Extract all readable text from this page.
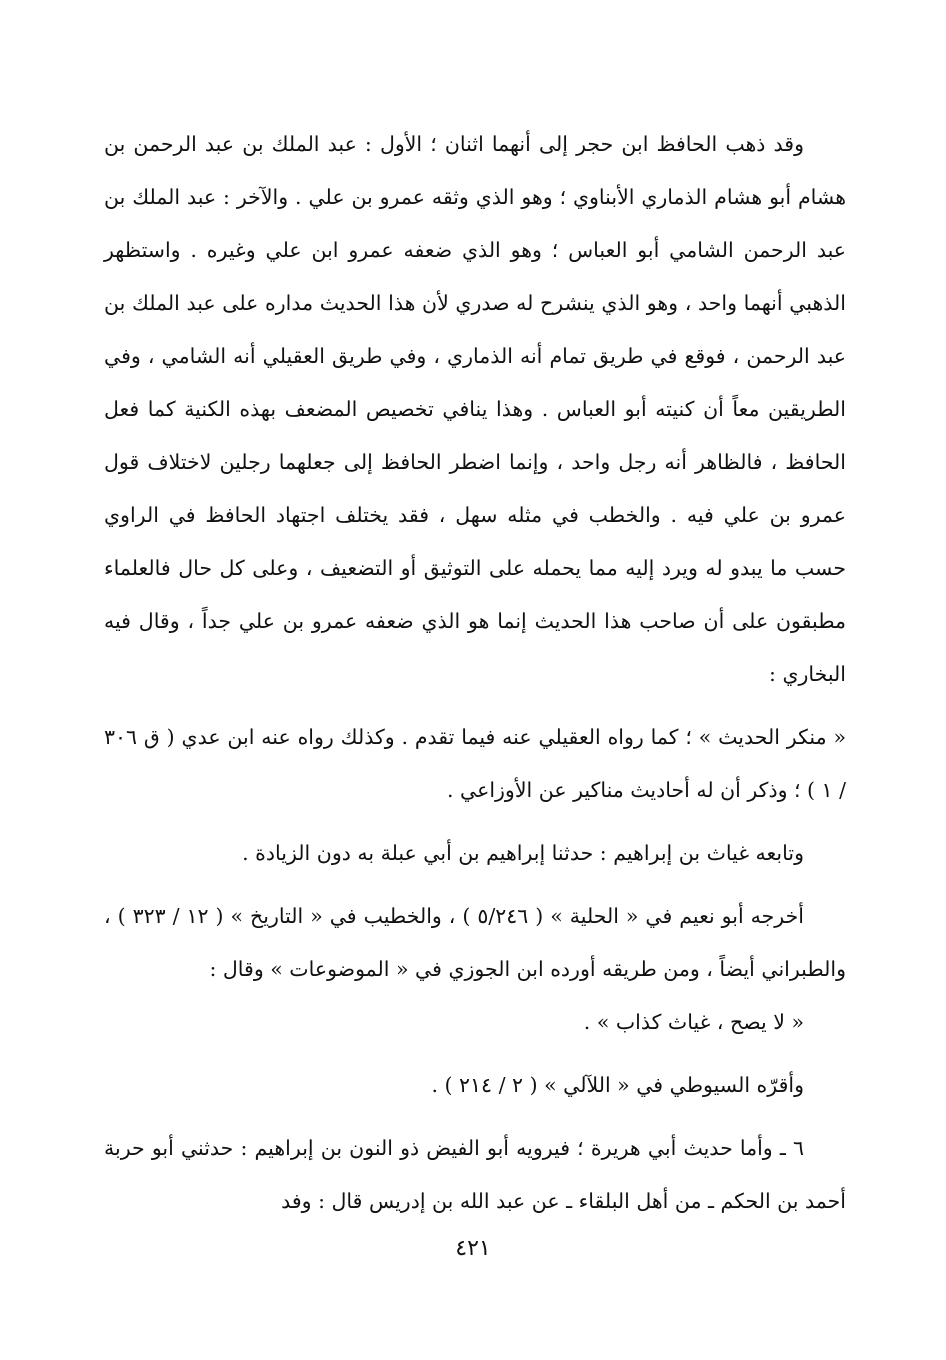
وقد ذهب الحافظ ابن حجر إلى أنهما اثنان ؛ الأول : عبد الملك بن عبد الرحمن بن هشام أبو هشام الذماري الأبناوي ؛ وهو الذي وثقه عمرو بن علي . والآخر : عبد الملك بن عبد الرحمن الشامي أبو العباس ؛ وهو الذي ضعفه عمرو ابن علي وغيره . واستظهر الذهبي أنهما واحد ، وهو الذي ينشرح له صدري لأن هذا الحديث مداره على عبد الملك بن عبد الرحمن ، فوقع في طريق تمام أنه الذماري ، وفي طريق العقيلي أنه الشامي ، وفي الطريقين معاً أن كنيته أبو العباس . وهذا ينافي تخصيص المضعف بهذه الكنية كما فعل الحافظ ، فالظاهر أنه رجل واحد ، وإنما اضطر الحافظ إلى جعلهما رجلين لاختلاف قول عمرو بن علي فيه . والخطب في مثله سهل ، فقد يختلف اجتهاد الحافظ في الراوي حسب ما يبدو له ويرد إليه مما يحمله على التوثيق أو التضعيف ، وعلى كل حال فالعلماء مطبقون على أن صاحب هذا الحديث إنما هو الذي ضعفه عمرو بن علي جداً ، وقال فيه البخاري :

« منكر الحديث » ؛ كما رواه العقيلي عنه فيما تقدم . وكذلك رواه عنه ابن عدي ( ق ٣٠٦ / ١ ) ؛ وذكر أن له أحاديث مناكير عن الأوزاعي .

وتابعه غياث بن إبراهيم : حدثنا إبراهيم بن أبي عبلة به دون الزيادة .

أخرجه أبو نعيم في « الحلية » ( ٥/٢٤٦ ) ، والخطيب في « التاريخ » ( ١٢ / ٣٢٣ ) ، والطبراني أيضاً ، ومن طريقه أورده ابن الجوزي في « الموضوعات » وقال :

« لا يصح ، غياث كذاب » .

وأقرّه السيوطي في « اللآلي » ( ٢ / ٢١٤ ) .

٦ ـ وأما حديث أبي هريرة ؛ فيرويه أبو الفيض ذو النون بن إبراهيم : حدثني أبو حربة أحمد بن الحكم ـ من أهل البلقاء ـ عن عبد الله بن إدريس قال : وفد

٤٢١
